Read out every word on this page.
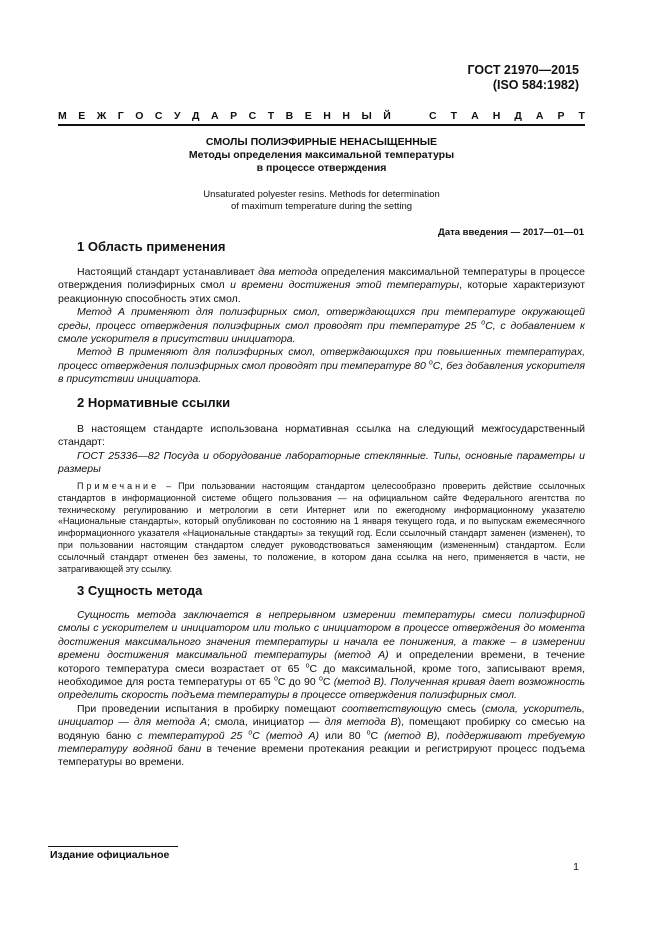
ГОСТ 21970—2015
(ISO 584:1982)
М Е Ж Г О С У Д А Р С Т В Е Н Н Ы Й	С Т А Н Д А Р Т
СМОЛЫ ПОЛИЭФИРНЫЕ НЕНАСЫЩЕННЫЕ
Методы определения максимальной температуры
в процессе отверждения
Unsaturated polyester resins. Methods for determination
of maximum temperature during the setting
Дата введения — 2017—01—01
1 Область применения

Настоящий стандарт устанавливает два метода определения максимальной температуры в процессе отверждения полиэфирных смол и времени достижения этой температуры, которые характеризуют реакционную способность этих смол.

Метод А применяют для полиэфирных смол, отверждающихся при температуре окружающей среды, процесс отверждения полиэфирных смол проводят при температуре 25 $^o$С, с добавлением к смоле ускорителя в присутствии инициатора.

Метод В применяют для полиэфирных смол, отверждающихся при повышенных температурах, процесс отверждения полиэфирных смол проводят при температуре 80 $^o$С, без добавления ускорителя в присутствии инициатора.

2 Нормативные ссылки

В настоящем стандарте использована нормативная ссылка на следующий межгосударственный стандарт:

ГОСТ 25336—82 Посуда и оборудование лабораторные стеклянные. Типы, основные параметры и размеры

Примечание – При пользовании настоящим стандартом целесообразно проверить действие ссылочных стандартов в информационной системе общего пользования — на официальном сайте Федерального агентства по техническому регулированию и метрологии в сети Интернет или по ежегодному информационному указателю «Национальные стандарты», который опубликован по состоянию на 1 января текущего года, и по выпускам ежемесячного информационного указателя «Национальные стандарты» за текущий год. Если ссылочный стандарт заменен (изменен), то при пользовании настоящим стандартом следует руководствоваться заменяющим (измененным) стандартом. Если ссылочный стандарт отменен без замены, то положение, в котором дана ссылка на него, применяется в части, не затрагивающей эту ссылку.

3 Сущность метода

Сущность метода заключается в непрерывном измерении температуры смеси полиэфирной смолы с ускорителем и инициатором или только с инициатором в процессе отверждения до момента достижения максимального значения температуры и начала ее понижения, а также – в измерении времени достижения максимальной температуры (метод А) и определении времени, в течение которого температура смеси возрастает от 65 $^o$С до максимальной, кроме того, записывают время, необходимое для роста температуры от 65 $^o$С до 90 $^o$С (метод В). Полученная кривая дает возможность определить скорость подъема температуры в процессе отверждения полиэфирных смол.

При проведении испытания в пробирку помещают соответствующую смесь (смола, ускоритель, инициатор — для метода А; смола, инициатор — для метода В), помещают пробирку со смесью на водяную баню с температурой 25 $^o$С (метод А) или 80 $^o$С (метод В), поддерживают требуемую температуру водяной бани в течение времени протекания реакции и регистрируют процесс подъема температуры во времени.

Издание официальное
1
